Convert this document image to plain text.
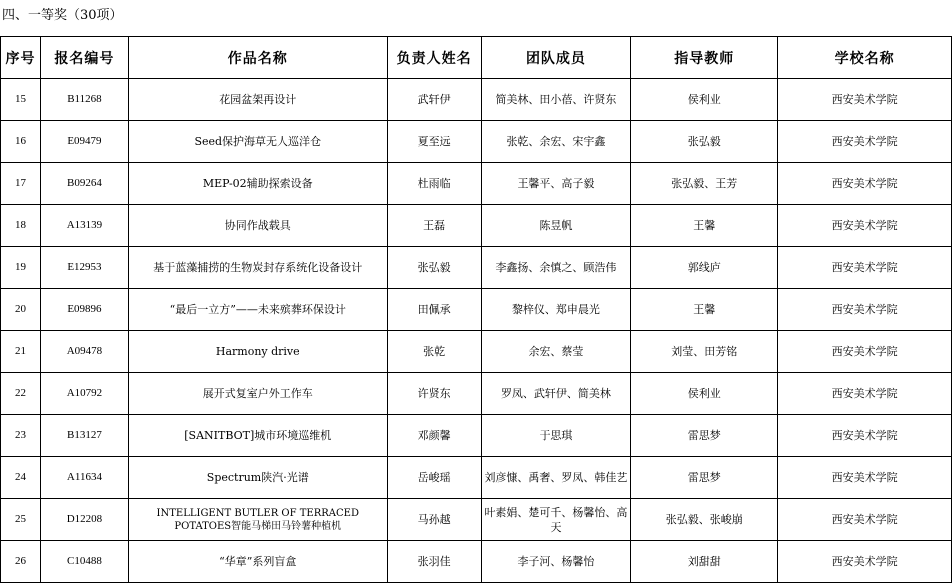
四、一等奖（30项）
序号	报名编号	作品名称	负责人姓名	团队成员	指导教师	学校名称
15	B11268	花园盆架再设计	武轩伊	简美林、田小蓓、许贤东	侯利业	西安美术学院
16	E09479	Seed保护海草无人巡洋仓	夏至远	张乾、余宏、宋宇鑫	张弘毅	西安美术学院
17	B09264	MEP-02辅助探索设备	杜雨临	王馨平、高子毅	张弘毅、王芳	西安美术学院
18	A13139	协同作战载具	王磊	陈昱帆	王馨	西安美术学院
19	E12953	基于蓝藻捕捞的生物炭封存系统化设备设计	张弘毅	李鑫扬、余慎之、顾浩伟	郭线庐	西安美术学院
20	E09896	“最后一立方”——未来殡葬环保设计	田佩承	黎梓仪、郑申晨光	王馨	西安美术学院
21	A09478	Harmony drive	张乾	余宏、蔡莹	刘莹、田芳铭	西安美术学院
22	A10792	展开式复室户外工作车	许贤东	罗凤、武轩伊、简美林	侯利业	西安美术学院
23	B13127	[SANITBOT]城市环境巡维机	邓颜馨	于思琪	雷思梦	西安美术学院
24	A11634	Spectrum陕汽·光谱	岳峻瑶	刘彦慷、禹奢、罗凤、韩佳艺	雷思梦	西安美术学院
25	D12208	INTELLIGENT BUTLER OF TERRACED POTATOES智能马梯田马铃薯种植机	马孙越	叶素娟、楚可千、杨馨怡、高天	张弘毅、张峻崩	西安美术学院
26	C10488	“华章”系列盲盒	张羽佳	李子河、杨馨怡	刘甜甜	西安美术学院
